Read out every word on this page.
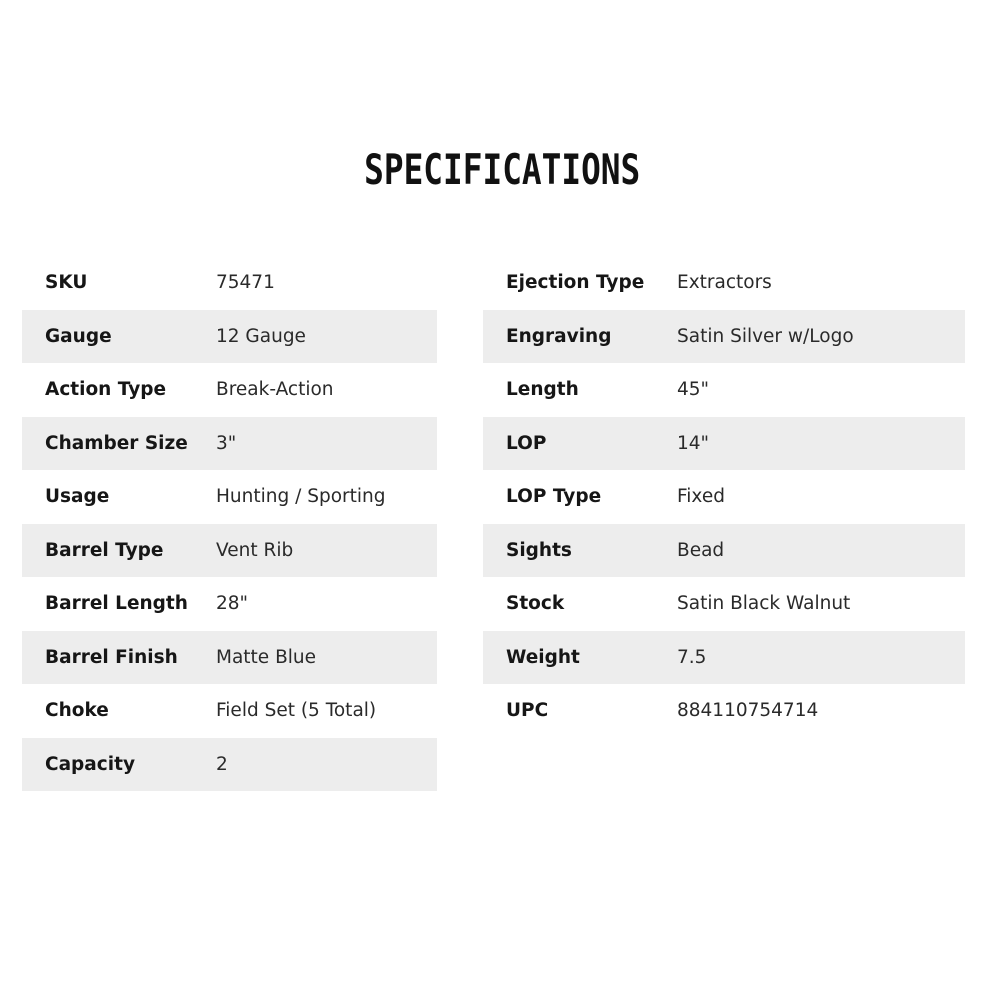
SPECIFICATIONS
SKU	75471
Gauge	12 Gauge
Action Type	Break-Action
Chamber Size	3"
Usage	Hunting / Sporting
Barrel Type	Vent Rib
Barrel Length	28"
Barrel Finish	Matte Blue
Choke	Field Set (5 Total)
Capacity	2
Ejection Type	Extractors
Engraving	Satin Silver w/Logo
Length	45"
LOP	14"
LOP Type	Fixed
Sights	Bead
Stock	Satin Black Walnut
Weight	7.5
UPC	884110754714
